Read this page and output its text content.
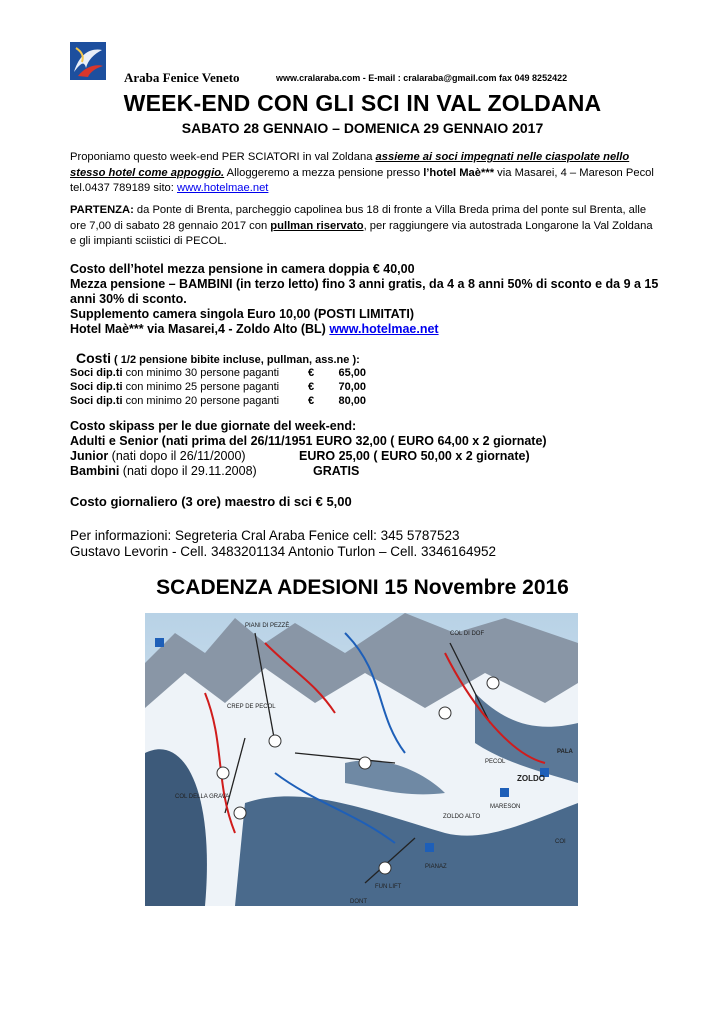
Araba Fenice Veneto	www.cralaraba.com - E-mail : cralaraba@gmail.com fax 049 8252422
WEEK-END CON GLI SCI IN VAL ZOLDANA
SABATO 28 GENNAIO – DOMENICA 29 GENNAIO 2017
Proponiamo questo week-end PER SCIATORI in val Zoldana assieme ai soci impegnati nelle ciaspolate nello stesso hotel come appoggio. Alloggeremo a mezza pensione presso l’hotel Maè*** via Masarei, 4 – Mareson Pecol tel.0437 789189 sito: www.hotelmae.net
PARTENZA: da Ponte di Brenta, parcheggio capolinea bus 18 di fronte a Villa Breda prima del ponte sul Brenta, alle ore 7,00 di sabato 28 gennaio 2017 con pullman riservato, per raggiungere via autostrada Longarone la Val Zoldana e gli impianti sciistici di PECOL.
Costo dell’hotel mezza pensione in camera doppia € 40,00
Mezza pensione – BAMBINI (in terzo letto) fino 3 anni gratis, da 4 a 8 anni 50% di sconto e da 9 a 15 anni 30% di sconto.
Supplemento camera singola Euro 10,00 (POSTI LIMITATI)
Hotel Maè*** via Masarei,4 - Zoldo Alto (BL) www.hotelmae.net
Costi ( 1/2 pensione bibite incluse, pullman, ass.ne ):
Soci dip.ti con minimo 30 persone paganti	€	65,00
Soci dip.ti con minimo 25 persone paganti	€	70,00
Soci dip.ti con minimo 20 persone paganti	€	80,00
Costo skipass per le due giornate del week-end:
Adulti e Senior (nati prima del 26/11/1951 EURO 32,00 ( EURO 64,00 x 2 giornate)
Junior (nati dopo il 26/11/2000)	EURO 25,00 ( EURO 50,00 x 2 giornate)
Bambini (nati dopo il 29.11.2008)	GRATIS
Costo giornaliero (3 ore) maestro di sci € 5,00
Per informazioni: Segreteria Cral Araba Fenice cell: 345 5787523
Gustavo Levorin - Cell. 3483201134 Antonio Turlon – Cell. 3346164952
SCADENZA ADESIONI 15 Novembre 2016
PIANI DI PEZZÈ
COL DI DOF
CREP DE PECOL
COL DELLA GRAVA
PECOL
ZOLDO
MARESON
ZOLDO ALTO
PIANAZ
FUN LIFT
DONT
COI
PALA
